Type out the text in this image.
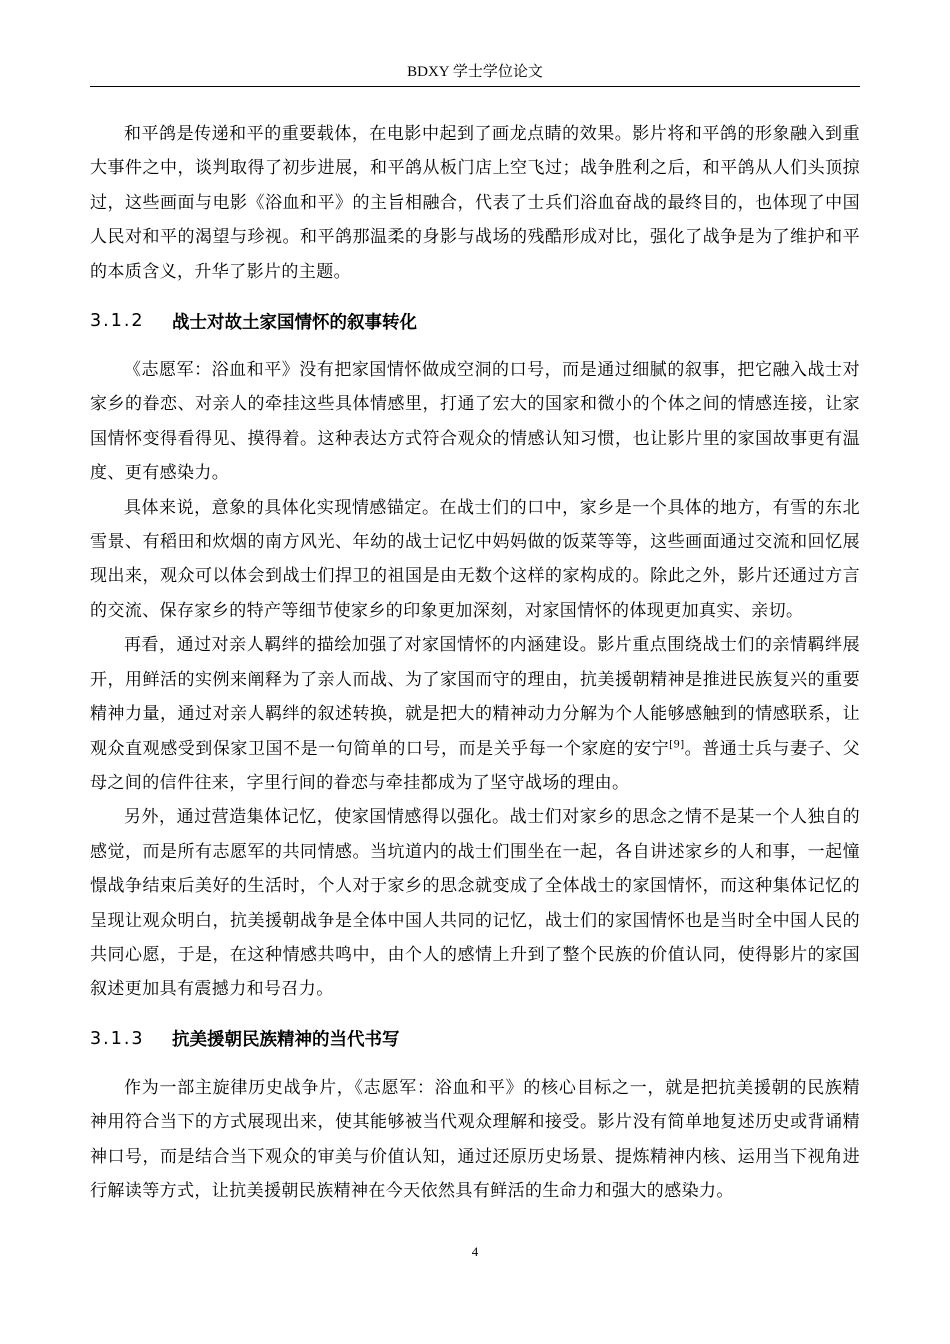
BDXY 学士学位论文

和平鸽是传递和平的重要载体，在电影中起到了画龙点睛的效果。影片将和平鸽的形象融入到重大事件之中，谈判取得了初步进展，和平鸽从板门店上空飞过；战争胜利之后，和平鸽从人们头顶掠过，这些画面与电影《浴血和平》的主旨相融合，代表了士兵们浴血奋战的最终目的，也体现了中国人民对和平的渴望与珍视。和平鸽那温柔的身影与战场的残酷形成对比，强化了战争是为了维护和平的本质含义，升华了影片的主题。

3.1.2	战士对故土家国情怀的叙事转化

《志愿军：浴血和平》没有把家国情怀做成空洞的口号，而是通过细腻的叙事，把它融入战士对家乡的眷恋、对亲人的牵挂这些具体情感里，打通了宏大的国家和微小的个体之间的情感连接，让家国情怀变得看得见、摸得着。这种表达方式符合观众的情感认知习惯，也让影片里的家国故事更有温度、更有感染力。

具体来说，意象的具体化实现情感锚定。在战士们的口中，家乡是一个具体的地方，有雪的东北雪景、有稻田和炊烟的南方风光、年幼的战士记忆中妈妈做的饭菜等等，这些画面通过交流和回忆展现出来，观众可以体会到战士们捍卫的祖国是由无数个这样的家构成的。除此之外，影片还通过方言的交流、保存家乡的特产等细节使家乡的印象更加深刻，对家国情怀的体现更加真实、亲切。

再看，通过对亲人羁绊的描绘加强了对家国情怀的内涵建设。影片重点围绕战士们的亲情羁绊展开，用鲜活的实例来阐释为了亲人而战、为了家国而守的理由，抗美援朝精神是推进民族复兴的重要精神力量，通过对亲人羁绊的叙述转换，就是把大的精神动力分解为个人能够感触到的情感联系，让观众直观感受到保家卫国不是一句简单的口号，而是关乎每一个家庭的安宁[9]。普通士兵与妻子、父母之间的信件往来，字里行间的眷恋与牵挂都成为了坚守战场的理由。

另外，通过营造集体记忆，使家国情感得以强化。战士们对家乡的思念之情不是某一个人独自的感觉，而是所有志愿军的共同情感。当坑道内的战士们围坐在一起，各自讲述家乡的人和事，一起憧憬战争结束后美好的生活时，个人对于家乡的思念就变成了全体战士的家国情怀，而这种集体记忆的呈现让观众明白，抗美援朝战争是全体中国人共同的记忆，战士们的家国情怀也是当时全中国人民的共同心愿，于是，在这种情感共鸣中，由个人的感情上升到了整个民族的价值认同，使得影片的家国叙述更加具有震撼力和号召力。

3.1.3	抗美援朝民族精神的当代书写

作为一部主旋律历史战争片，《志愿军：浴血和平》的核心目标之一，就是把抗美援朝的民族精神用符合当下的方式展现出来，使其能够被当代观众理解和接受。影片没有简单地复述历史或背诵精神口号，而是结合当下观众的审美与价值认知，通过还原历史场景、提炼精神内核、运用当下视角进行解读等方式，让抗美援朝民族精神在今天依然具有鲜活的生命力和强大的感染力。

4
